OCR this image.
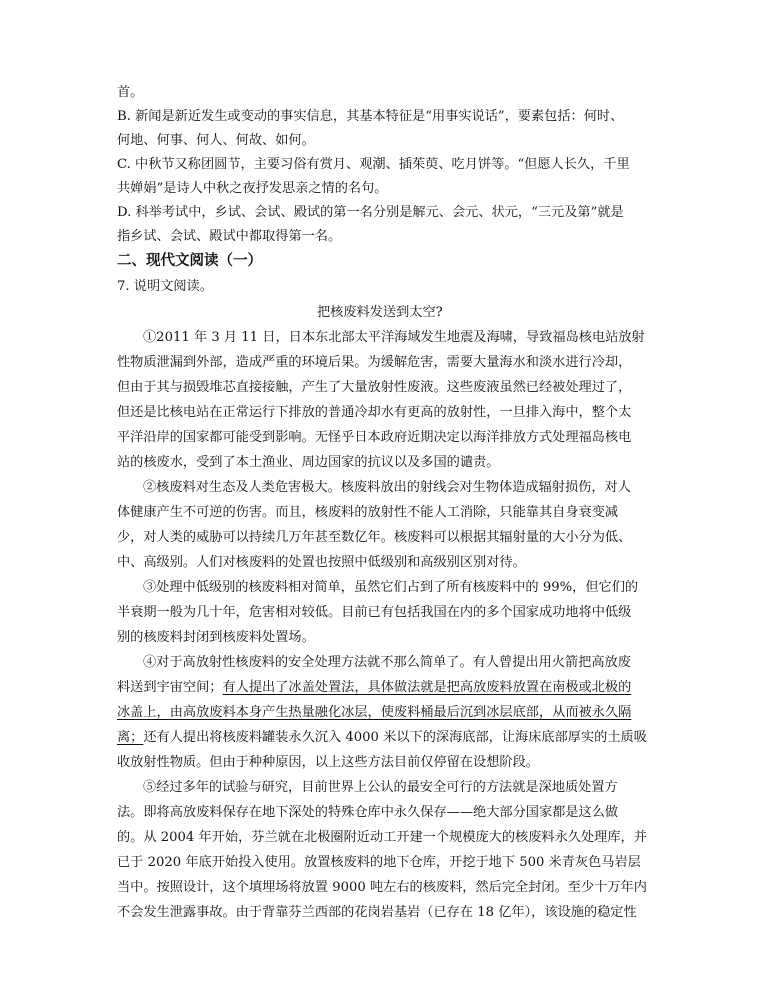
首。
B. 新闻是新近发生或变动的事实信息，其基本特征是“用事实说话”，要素包括：何时、
何地、何事、何人、何故、如何。
C. 中秋节又称团圆节，主要习俗有赏月、观潮、插茱萸、吃月饼等。“但愿人长久，千里
共婵娟”是诗人中秋之夜抒发思亲之情的名句。
D. 科举考试中，乡试、会试、殿试的第一名分别是解元、会元、状元，“三元及第”就是
指乡试、会试、殿试中都取得第一名。
二、现代文阅读（一）
7. 说明文阅读。
把核废料发送到太空?
①2011 年 3 月 11 日，日本东北部太平洋海域发生地震及海啸，导致福岛核电站放射
性物质泄漏到外部，造成严重的环境后果。为缓解危害，需要大量海水和淡水进行冷却，
但由于其与损毁堆芯直接接触，产生了大量放射性废液。这些废液虽然已经被处理过了，
但还是比核电站在正常运行下排放的普通冷却水有更高的放射性，一旦排入海中，整个太
平洋沿岸的国家都可能受到影响。无怪乎日本政府近期决定以海洋排放方式处理福岛核电
站的核废水，受到了本土渔业、周边国家的抗议以及多国的谴责。
②核废料对生态及人类危害极大。核废料放出的射线会对生物体造成辐射损伤，对人
体健康产生不可逆的伤害。而且，核废料的放射性不能人工消除，只能靠其自身衰变减
少，对人类的威胁可以持续几万年甚至数亿年。核废料可以根据其辐射量的大小分为低、
中、高级别。人们对核废料的处置也按照中低级别和高级别区别对待。
③处理中低级别的核废料相对简单，虽然它们占到了所有核废料中的 99%，但它们的
半衰期一般为几十年，危害相对较低。目前已有包括我国在内的多个国家成功地将中低级
别的核废料封闭到核废料处置场。
④对于高放射性核废料的安全处理方法就不那么简单了。有人曾提出用火箭把高放废
料送到宇宙空间；有人提出了冰盖处置法，具体做法就是把高放废料放置在南极或北极的
冰盖上，由高放废料本身产生热量融化冰层，使废料桶最后沉到冰层底部，从而被永久隔
离；还有人提出将核废料罐装永久沉入 4000 米以下的深海底部，让海床底部厚实的土质吸
收放射性物质。但由于种种原因，以上这些方法目前仅停留在设想阶段。
⑤经过多年的试验与研究，目前世界上公认的最安全可行的方法就是深地质处置方
法。即将高放废料保存在地下深处的特殊仓库中永久保存——绝大部分国家都是这么做
的。从 2004 年开始，芬兰就在北极圈附近动工开建一个规模庞大的核废料永久处理库，并
已于 2020 年底开始投入使用。放置核废料的地下仓库，开挖于地下 500 米青灰色马岩层
当中。按照设计，这个填埋场将放置 9000 吨左右的核废料，然后完全封闭。至少十万年内
不会发生泄露事故。由于背靠芬兰西部的花岗岩基岩（已存在 18 亿年），该设施的稳定性
